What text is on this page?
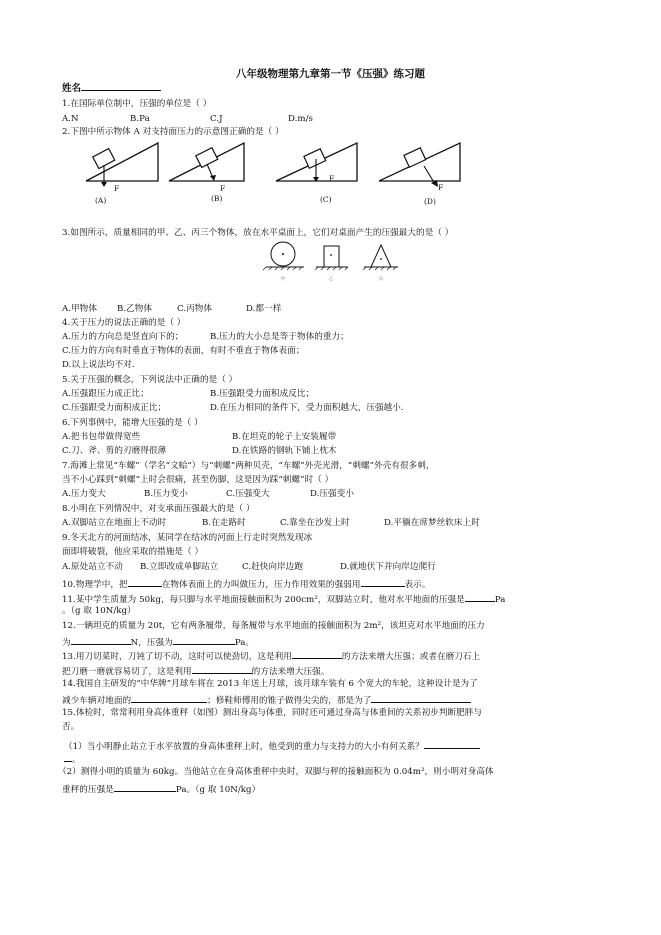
八年级物理第九章第一节《压强》练习题
姓名
1.在国际单位制中，压强的单位是（ ）
A.N	B.Pa	C.J	D.m/s
2.下图中所示物体 A 对支持面压力的示意图正确的是（ ）
F	F
F
F
(A)	(B)	(C)	(D)
3.如图所示，质量相同的甲、乙、丙三个物体，放在水平桌面上，它们对桌面产生的压强最大的是（ ）
甲	乙	丙
A.甲物体 B.乙物体	C.丙物体	D.都一样
4.关于压力的说法正确的是（ ）
A.压力的方向总是竖直向下的；	B.压力的大小总是等于物体的重力；
C.压力的方向有时垂直于物体的表面，有时不垂直于物体表面；
D.以上说法均不对.
5.关于压强的概念，下列说法中正确的是（ ）
A.压强跟压力成正比；	B.压强跟受力面积成反比；
C.压强跟受力面积成正比；	D.在压力相同的条件下，受力面积越大，压强越小.
6.下列事例中，能增大压强的是（ ）
A.把书包带做得宽些	B.在坦克的轮子上安装履带
C.刀、斧、剪的刃磨得很薄	D.在铁路的钢轨下铺上枕木
7.海滩上常见“车螺”（学名“文蛤”）与“刺螺”两种贝壳，“车螺”外壳光滑，“刺螺”外壳有很多刺，
当不小心踩到“刺螺”上时会很痛，甚至伤脚，这是因为踩“刺螺”时（ ）
A.压力变大	B.压力变小	C.压强变大	D.压强变小
8.小明在下列情况中，对支承面压强最大的是（ ）
A.双脚站立在地面上不动时	B.在走路时	C.靠坐在沙发上时	D.平躺在席梦丝软床上时
9.冬天北方的河面结冰，某同学在结冰的河面上行走时突然发现冰
面即将破裂，他应采取的措施是（ ）
A.原处站立不动 B.立即改成单脚站立	C.赶快向岸边跑	D.就地伏下并向岸边爬行
10.物理学中，把	在物体表面上的力叫做压力，压力作用效果的强弱用	表示。
11.某中学生质量为 50kg，每只脚与水平地面接触面积为 200cm²，双脚站立时，他对水平地面的压强是	Pa
。（g 取 10N/kg）
12.一辆坦克的质量为 20t，它有两条履带，每条履带与水平地面的接触面积为 2m²，该坦克对水平地面的压力
为	N，压强为	Pa。
13.用刀切菜时，刀钝了切不动，这时可以使劲切，这是利用	的方法来增大压强；或者在磨刀石上
把刀磨一磨就容易切了，这是利用	的方法来增大压强。
14.我国自主研发的“中华牌”月球车将在 2013 年送上月球，该月球车装有 6 个宽大的车轮，这种设计是为了
减少车辆对地面的	；修鞋师傅用的锥子做得尖尖的，那是为了
15.体检时，常常利用身高体重秤（如图）测出身高与体重，同时还可通过身高与体重间的关系初步判断肥胖与
否。
（1）当小明静止站立于水平放置的身高体重秤上时，他受到的重力与支持力的大小有何关系？
。
（2）测得小明的质量为 60kg。当他站立在身高体重秤中央时，双脚与秤的接触面积为 0.04m²，则小明对身高体
重秤的压强是	Pa。（g 取 10N/kg）
